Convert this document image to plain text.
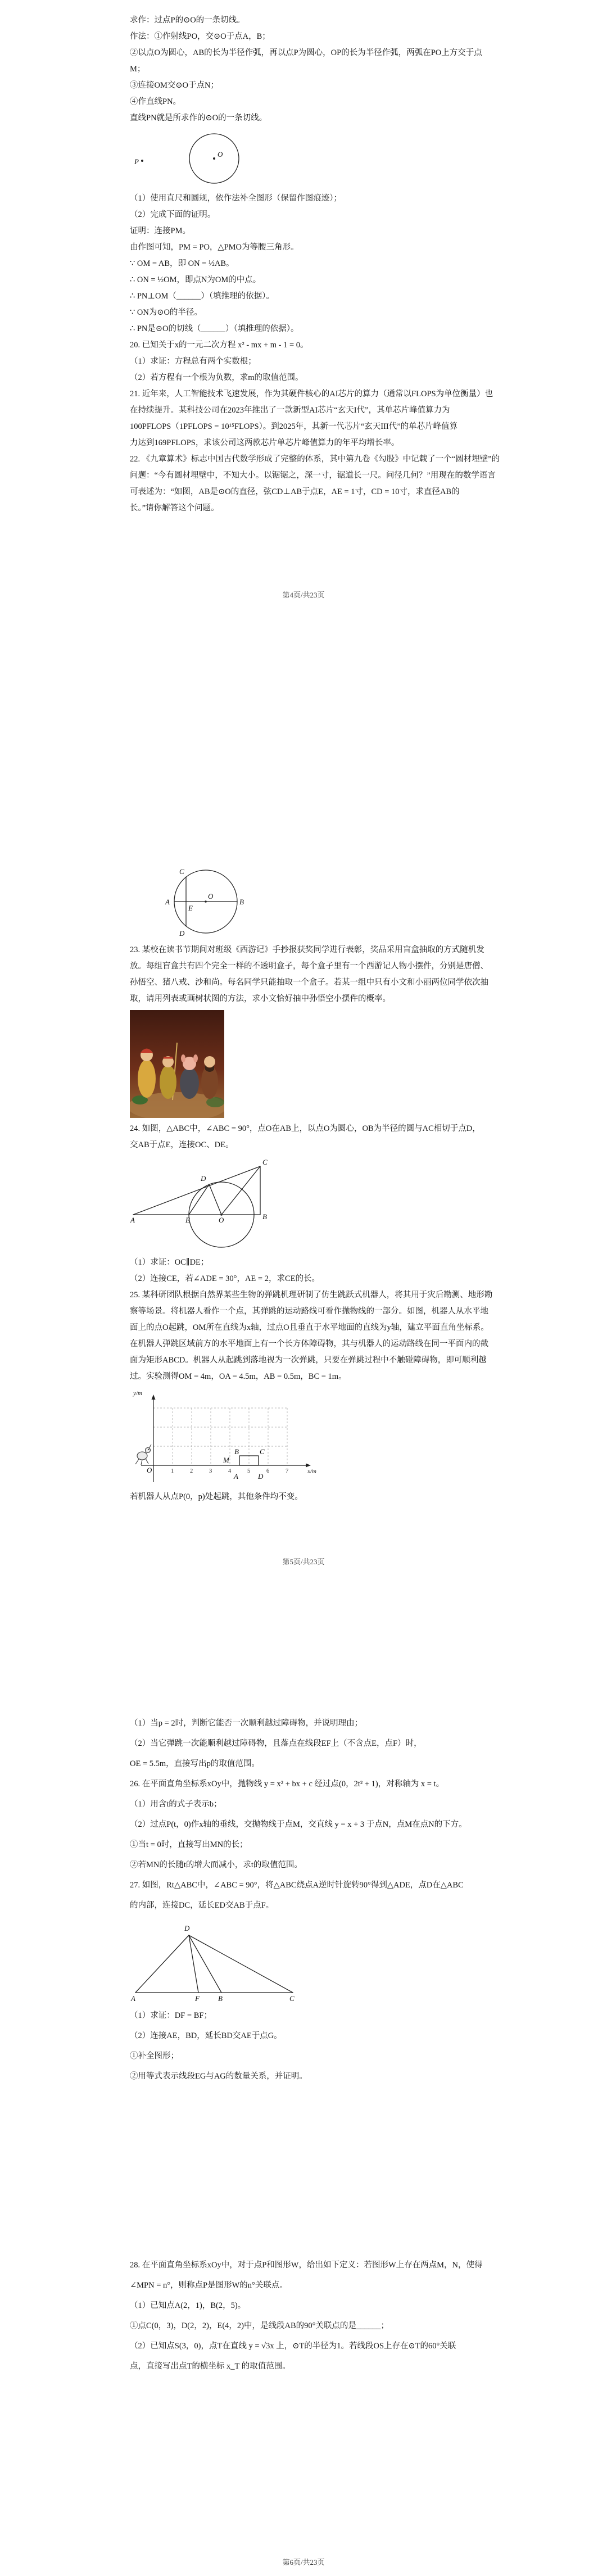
求作：过点P的⊙O的一条切线。

作法：①作射线PO，交⊙O于点A，B；

②以点O为圆心，AB的长为半径作弧，再以点P为圆心，OP的长为半径作弧，两弧在PO上方交于点

M；

③连接OM交⊙O于点N；

④作直线PN。

直线PN就是所求作的⊙O的一条切线。

P
O

（1）使用直尺和圆规，依作法补全图形（保留作图痕迹）；

（2）完成下面的证明。

证明：连接PM。

由作图可知，PM = PO，△PMO为等腰三角形。

∵ OM = AB，即 ON = ½AB。

∴ ON = ½OM，即点N为OM的中点。

∴ PN⊥OM（______）（填推理的依据）。

∵ ON为⊙O的半径。

∴ PN是⊙O的切线（______）（填推理的依据）。

20. 已知关于x的一元二次方程 x² - mx + m - 1 = 0。

（1）求证：方程总有两个实数根；

（2）若方程有一个根为负数，求m的取值范围。

21. 近年来，人工智能技术飞速发展，作为其硬件核心的AI芯片的算力（通常以FLOPS为单位衡量）也

在持续提升。某科技公司在2023年推出了一款新型AI芯片“玄天I代”，其单芯片峰值算力为

100PFLOPS（1PFLOPS = 10¹⁵FLOPS）。到2025年，其新一代芯片“玄天III代”的单芯片峰值算

力达到169PFLOPS，求该公司这两款芯片单芯片峰值算力的年平均增长率。

22. 《九章算术》标志中国古代数学形成了完整的体系，其中第九卷《勾股》中记载了一个“圆材埋壁”的

问题：“今有圆材埋壁中，不知大小。以锯锯之，深一寸，锯道长一尺。问径几何？”用现在的数学语言

可表述为：“如图，AB是⊙O的直径，弦CD⊥AB于点E，AE = 1寸，CD = 10寸，求直径AB的

长。”请你解答这个问题。

第4页/共23页
C
A
E
O
B
D

23. 某校在读书节期间对班级《西游记》手抄报获奖同学进行表彰，奖品采用盲盒抽取的方式随机发

放。每组盲盒共有四个完全一样的不透明盒子，每个盒子里有一个西游记人物小摆件，分别是唐僧、

孙悟空、猪八戒、沙和尚。每名同学只能抽取一个盒子。若某一组中只有小文和小丽两位同学依次抽

取，请用列表或画树状图的方法，求小文恰好抽中孙悟空小摆件的概率。

24. 如图，△ABC中，∠ABC = 90°，点O在AB上，以点O为圆心，OB为半径的圆与AC相切于点D，

交AB于点E，连接OC、DE。

A	E	O	B
C
D

（1）求证：OC∥DE；

（2）连接CE，若∠ADE = 30°，AE = 2，求CE的长。

25. 某科研团队根据自然界某些生物的弹跳机理研制了仿生跳跃式机器人，将其用于灾后勘测、地形勘

察等场景。将机器人看作一个点，其弹跳的运动路线可看作抛物线的一部分。如图，机器人从水平地

面上的点O起跳，OM所在直线为x轴，过点O且垂直于水平地面的直线为y轴，建立平面直角坐标系。

在机器人弹跳区域前方的水平地面上有一个长方体障碍物，其与机器人的运动路线在同一平面内的截

面为矩形ABCD。机器人从起跳到落地视为一次弹跳，只要在弹跳过程中不触碰障碍物，即可顺利越

过。实验测得OM = 4m，OA = 4.5m，AB = 0.5m，BC = 1m。

y/m
x/m
O
M
1	2	3	4	5	6	7
B	C
A	D

若机器人从点P(0，p)处起跳，其他条件均不变。

第5页/共23页

（1）当p = 2时，判断它能否一次顺利越过障碍物，并说明理由；

（2）当它弹跳一次能顺利越过障碍物，且落点在线段EF上（不含点E，点F）时，

OE = 5.5m，直接写出p的取值范围。

26. 在平面直角坐标系xOy中，抛物线 y = x² + bx + c 经过点(0，2t² + 1)，对称轴为 x = t。

（1）用含t的式子表示b；

（2）过点P(t，0)作x轴的垂线，交抛物线于点M，交直线 y = x + 3 于点N，点M在点N的下方。

①当t = 0时，直接写出MN的长；

②若MN的长随t的增大而减小，求t的取值范围。

27. 如图，Rt△ABC中，∠ABC = 90°，将△ABC绕点A逆时针旋转90°得到△ADE，点D在△ABC

的内部，连接DC，延长ED交AB于点F。

D
A	F	B	C

（1）求证：DF = BF；

（2）连接AE，BD，延长BD交AE于点G。

①补全图形；

②用等式表示线段EG与AG的数量关系，并证明。

28. 在平面直角坐标系xOy中，对于点P和图形W，给出如下定义：若图形W上存在两点M，N，使得

∠MPN = n°，则称点P是图形W的n°关联点。

（1）已知点A(2，1)，B(2，5)。

①点C(0，3)，D(2，2)，E(4，2)中，是线段AB的90°关联点的是______；

（2）已知点S(3，0)，点T在直线 y = √3x 上，⊙T的半径为1。若线段OS上存在⊙T的60°关联

点，直接写出点T的横坐标 x_T 的取值范围。

第6页/共23页
